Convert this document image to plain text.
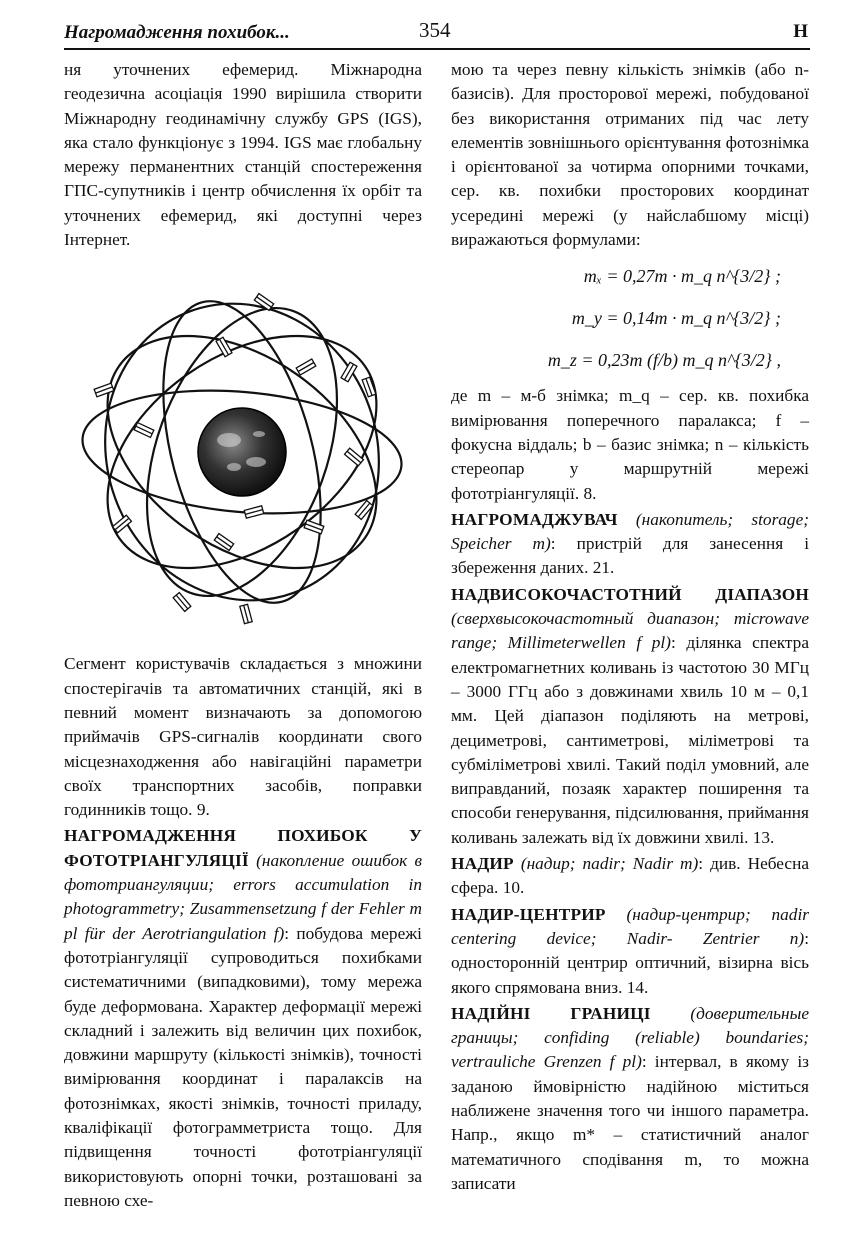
Нагромадження похибок...	354	Н

ня уточнених ефемерид. Міжнародна геодезична асоціація 1990 вирішила створити Міжнародну геодинамічну службу GPS (IGS), яка стало функціонує з 1994. IGS має глобальну мережу перманентних станцій спостереження ГПС-супутників і центр обчислення їх орбіт та уточнених ефемерид, які доступні через Інтернет.

Сегмент користувачів складається з множини спостерігачів та автоматичних станцій, які в певний момент визначають за допомогою приймачів GPS-сигналів координати свого місцезнаходження або навігаційні параметри своїх транспортних засобів, поправки годинників тощо. 9.

НАГРОМАДЖЕННЯ ПОХИБОК У ФОТОТРІАНГУЛЯЦІЇ (накопление ошибок в фототриангуляции; errors accumulation in photogrammetry; Zusammensetzung f der Fehler m pl für der Aerotriangulation f): побудова мережі фототріангуляції супроводиться похибками систематичними (випадковими), тому мережа буде деформована. Характер деформації мережі складний і залежить від величин цих похибок, довжини маршруту (кількості знімків), точності вимірювання координат і паралаксів на фотознімках, якості знімків, точності приладу, кваліфікації фотограмметриста тощо. Для підвищення точності фототріангуляції використовують опорні точки, розташовані за певною схе-

мою та через певну кількість знімків (або n-базисів). Для просторової мережі, побудованої без використання отриманих під час лету елементів зовнішнього орієнтування фотознімка і орієнтованої за чотирма опорними точками, сер. кв. похибки просторових координат усередині мережі (у найслабшому місці) виражаються формулами:

mₓ = 0,27m · m_q n^{3/2} ;
m_y = 0,14m · m_q n^{3/2} ;
m_z = 0,23m (f/b) m_q n^{3/2} ,

де m – м-б знімка; m_q – сер. кв. похибка вимірювання поперечного паралакса; f – фокусна віддаль; b – базис знімка; n – кількість стереопар у маршрутній мережі фототріангуляції. 8.

НАГРОМАДЖУВАЧ (накопитель; storage; Speicher m): пристрій для занесення і збереження даних. 21.

НАДВИСОКОЧАСТОТНИЙ ДІАПАЗОН (сверхвысокочастотный диапазон; microwave range; Millimeterwellen f pl): ділянка спектра електромагнетних коливань із частотою 30 МГц – 3000 ГГц або з довжинами хвиль 10 м – 0,1 мм. Цей діапазон поділяють на метрові, дециметрові, сантиметрові, міліметрові та субміліметрові хвилі. Такий поділ умовний, але виправданий, позаяк характер поширення та способи генерування, підсилювання, приймання коливань залежать від їх довжини хвилі. 13.

НАДИР (надир; nadir; Nadir m): див. Небесна сфера. 10.

НАДИР-ЦЕНТРИР (надир-центрир; nadir centering device; Nadir- Zentrier n): односторонній центрир оптичний, візирна вісь якого спрямована вниз. 14.

НАДІЙНІ ГРАНИЦІ (доверительные границы; confiding (reliable) boundaries; vertrauliche Grenzen f pl): інтервал, в якому із заданою ймовірністю надійною міститься наближене значення того чи іншого параметра. Напр., якщо m* – статистичний аналог математичного сподівання m, то можна записати
